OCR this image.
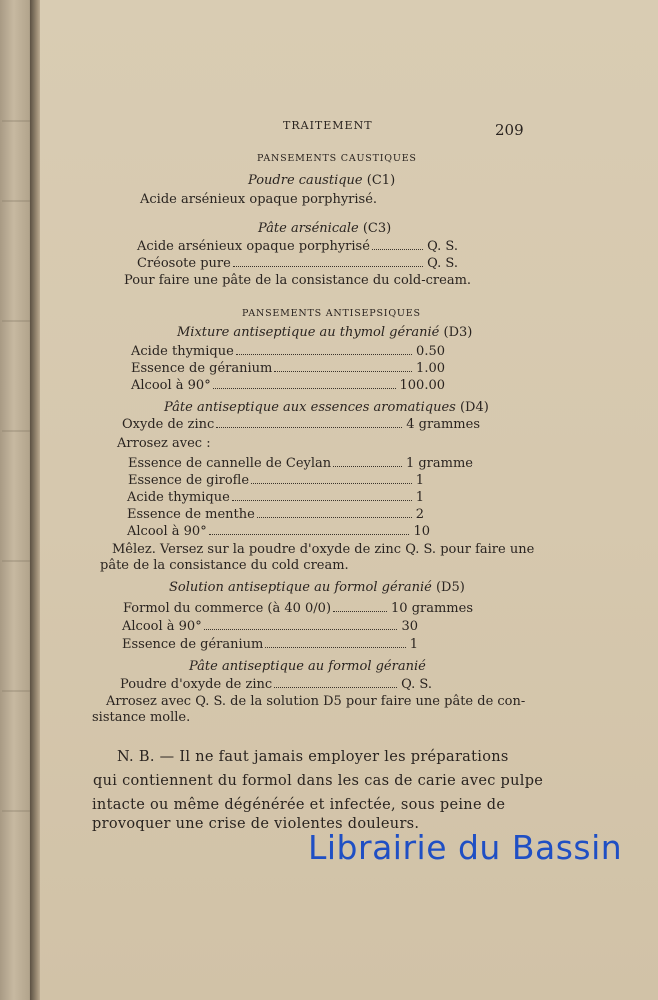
TRAITEMENT	209
PANSEMENTS CAUSTIQUES
Poudre caustique (C1)
Acide arsénieux opaque porphyrisé.
Pâte arsénicale (C3)
Acide arsénieux opaque porphyrisé	Q. S.
Créosote pure	Q. S.
Pour faire une pâte de la consistance du cold-cream.
PANSEMENTS ANTISEPSIQUES
Mixture antiseptique au thymol géranié (D3)
Acide thymique	0.50
Essence de géranium	1.00
Alcool à 90°	100.00
Pâte antiseptique aux essences aromatiques (D4)
Oxyde de zinc	4 grammes
Arrosez avec :
Essence de cannelle de Ceylan	1 gramme
Essence de girofle	1
Acide thymique	1
Essence de menthe	2
Alcool à 90°	10
Mêlez. Versez sur la poudre d'oxyde de zinc Q. S. pour faire une
pâte de la consistance du cold cream.
Solution antiseptique au formol géranié (D5)
Formol du commerce (à 40 0/0)	10 grammes
Alcool à 90°	30
Essence de géranium	1
Pâte antiseptique au formol géranié
Poudre d'oxyde de zinc	Q. S.
Arrosez avec Q. S. de la solution D5 pour faire une pâte de con-
sistance molle.
N. B. — Il ne faut jamais employer les préparations
qui contiennent du formol dans les cas de carie avec pulpe
intacte ou même dégénérée et infectée, sous peine de
provoquer une crise de violentes douleurs.
Librairie du Bassin
